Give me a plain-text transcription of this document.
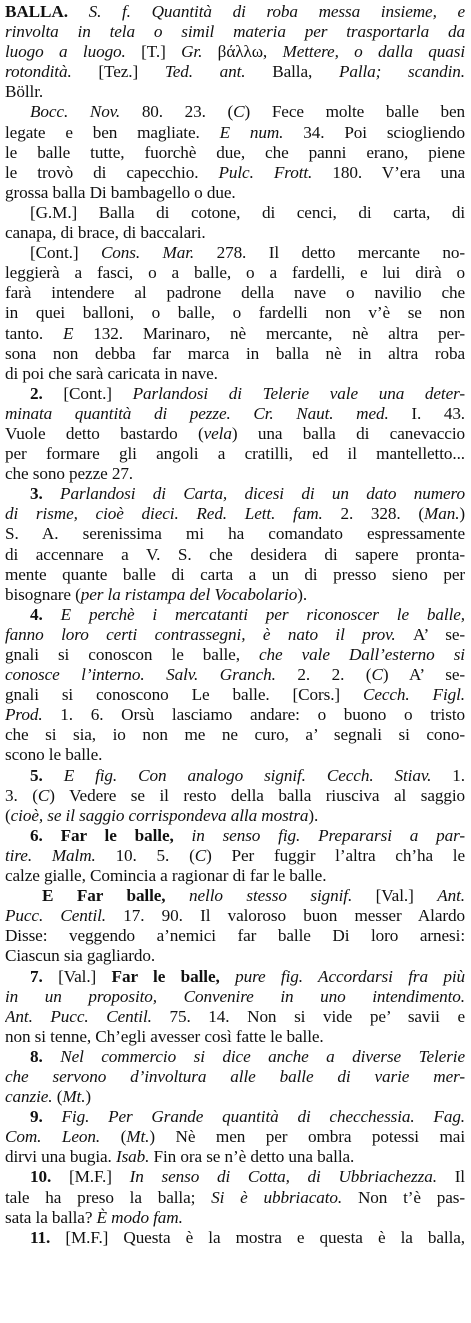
BALLA. S. f. Quantità di roba messa insieme, e
rinvolta in tela o simil materia per trasportarla da
luogo a luogo. [T.] Gr. βάλλω, Mettere, o dalla quasi
rotondità. [Tez.] Ted. ant. Balla, Palla; scandin.
Böllr.
Bocc. Nov. 80. 23. (C) Fece molte balle ben
legate e ben magliate. E num. 34. Poi sciogliendo
le balle tutte, fuorchè due, che panni erano, piene
le trovò di capecchio. Pulc. Frott. 180. V’era una
grossa balla Di bambagello o due.
[G.M.] Balla di cotone, di cenci, di carta, di
canapa, di brace, di baccalari.
[Cont.] Cons. Mar. 278. Il detto mercante no-
leggierà a fasci, o a balle, o a fardelli, e lui dirà o
farà intendere al padrone della nave o navilio che
in quei balloni, o balle, o fardelli non v’è se non
tanto. E 132. Marinaro, nè mercante, nè altra per-
sona non debba far marca in balla nè in altra roba
di poi che sarà caricata in nave.
2. [Cont.] Parlandosi di Telerie vale una deter-
minata quantità di pezze. Cr. Naut. med. I. 43.
Vuole detto bastardo (vela) una balla di canevaccio
per formare gli angoli a cratilli, ed il mantelletto...
che sono pezze 27.
3. Parlandosi di Carta, dicesi di un dato numero
di risme, cioè dieci. Red. Lett. fam. 2. 328. (Man.)
S. A. serenissima mi ha comandato espressamente
di accennare a V. S. che desidera di sapere pronta-
mente quante balle di carta a un di presso sieno per
bisognare (per la ristampa del Vocabolario).
4. E perchè i mercatanti per riconoscer le balle,
fanno loro certi contrassegni, è nato il prov. A’ se-
gnali si conoscon le balle, che vale Dall’esterno si
conosce l’interno. Salv. Granch. 2. 2. (C) A’ se-
gnali si conoscono Le balle. [Cors.] Cecch. Figl.
Prod. 1. 6. Orsù lasciamo andare: o buono o tristo
che si sia, io non me ne curo, a’ segnali si cono-
scono le balle.
5. E fig. Con analogo signif. Cecch. Stiav. 1.
3. (C) Vedere se il resto della balla riusciva al saggio
(cioè, se il saggio corrispondeva alla mostra).
6. Far le balle, in senso fig. Prepararsi a par-
tire. Malm. 10. 5. (C) Per fuggir l’altra ch’ha le
calze gialle, Comincia a ragionar di far le balle.
E Far balle, nello stesso signif. [Val.] Ant.
Pucc. Centil. 17. 90. Il valoroso buon messer Alardo
Disse: veggendo a’nemici far balle Di loro arnesi:
Ciascun sia gagliardo.
7. [Val.] Far le balle, pure fig. Accordarsi fra più
in un proposito, Convenire in uno intendimento.
Ant. Pucc. Centil. 75. 14. Non si vide pe’ savii e
non si tenne, Ch’egli avesser così fatte le balle.
8. Nel commercio si dice anche a diverse Telerie
che servono d’involtura alle balle di varie mer-
canzie. (Mt.)
9. Fig. Per Grande quantità di checchessia. Fag.
Com. Leon. (Mt.) Nè men per ombra potessi mai
dirvi una bugia. Isab. Fin ora se n’è detto una balla.
10. [M.F.] In senso di Cotta, di Ubbriachezza. Il
tale ha preso la balla; Si è ubbriacato. Non t’è pas-
sata la balla? È modo fam.
11. [M.F.] Questa è la mostra e questa è la balla,
